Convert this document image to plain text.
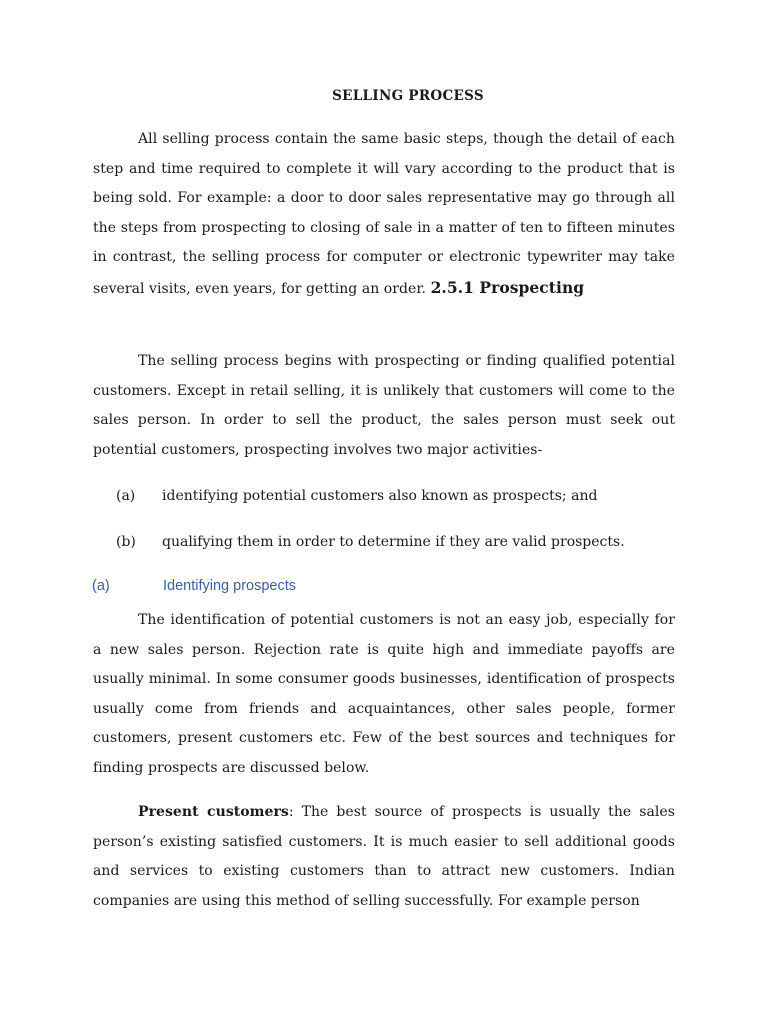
SELLING PROCESS

All selling process contain the same basic steps, though the detail of each step and time required to complete it will vary according to the product that is being sold. For example: a door to door sales representative may go through all the steps from prospecting to closing of sale in a matter of ten to fifteen minutes in contrast, the selling process for computer or electronic typewriter may take several visits, even years, for getting an order. 2.5.1 Prospecting

The selling process begins with prospecting or finding qualified potential customers. Except in retail selling, it is unlikely that customers will come to the sales person. In order to sell the product, the sales person must seek out potential customers, prospecting involves two major activities-

(a) identifying potential customers also known as prospects; and
(b) qualifying them in order to determine if they are valid prospects.
(a)	Identifying prospects

The identification of potential customers is not an easy job, especially for a new sales person. Rejection rate is quite high and immediate payoffs are usually minimal. In some consumer goods businesses, identification of prospects usually come from friends and acquaintances, other sales people, former customers, present customers etc. Few of the best sources and techniques for finding prospects are discussed below.

Present customers: The best source of prospects is usually the sales person’s existing satisfied customers. It is much easier to sell additional goods and services to existing customers than to attract new customers. Indian companies are using this method of selling successfully. For example person
